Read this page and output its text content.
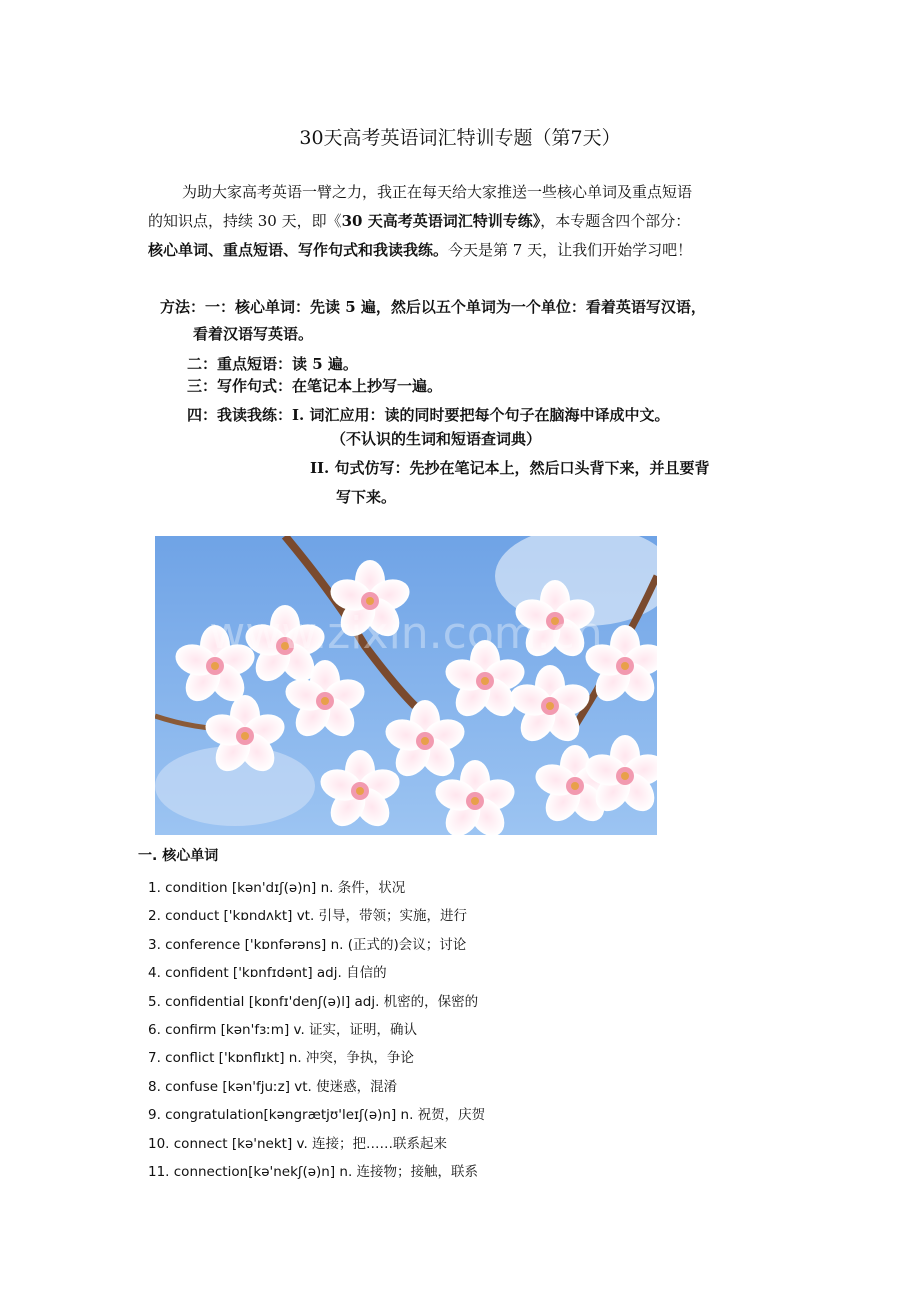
30天高考英语词汇特训专题（第7天）
为助大家高考英语一臂之力，我正在每天给大家推送一些核心单词及重点短语
的知识点，持续 30 天，即《30 天高考英语词汇特训专练》，本专题含四个部分：
核心单词、重点短语、写作句式和我读我练。今天是第 7 天，让我们开始学习吧！
方法：一：核心单词：先读 5 遍，然后以五个单词为一个单位：看着英语写汉语，
看着汉语写英语。
二：重点短语：读 5 遍。
三：写作句式：在笔记本上抄写一遍。
四：我读我练：I. 词汇应用：读的同时要把每个句子在脑海中译成中文。
（不认识的生词和短语查词典）
II. 句式仿写：先抄在笔记本上，然后口头背下来，并且要背
写下来。
www.zixin.com.cn
一. 核心单词
1. condition [kən'dɪʃ(ə)n] n. 条件，状况
2. conduct ['kɒndʌkt] vt. 引导，带领；实施，进行
3. conference ['kɒnfərəns] n. (正式的)会议；讨论
4. confident ['kɒnfɪdənt] adj. 自信的
5. confidential [kɒnfɪ'denʃ(ə)l] adj. 机密的，保密的
6. confirm [kən'fɜːm] v. 证实，证明，确认
7. conflict ['kɒnflɪkt] n. 冲突，争执，争论
8. confuse [kən'fjuːz] vt. 使迷惑，混淆
9. congratulation[kəngrætjʊ'leɪʃ(ə)n] n. 祝贺，庆贺
10. connect [kə'nekt] v. 连接；把……联系起来
11. connection[kə'nekʃ(ə)n] n. 连接物；接触，联系
